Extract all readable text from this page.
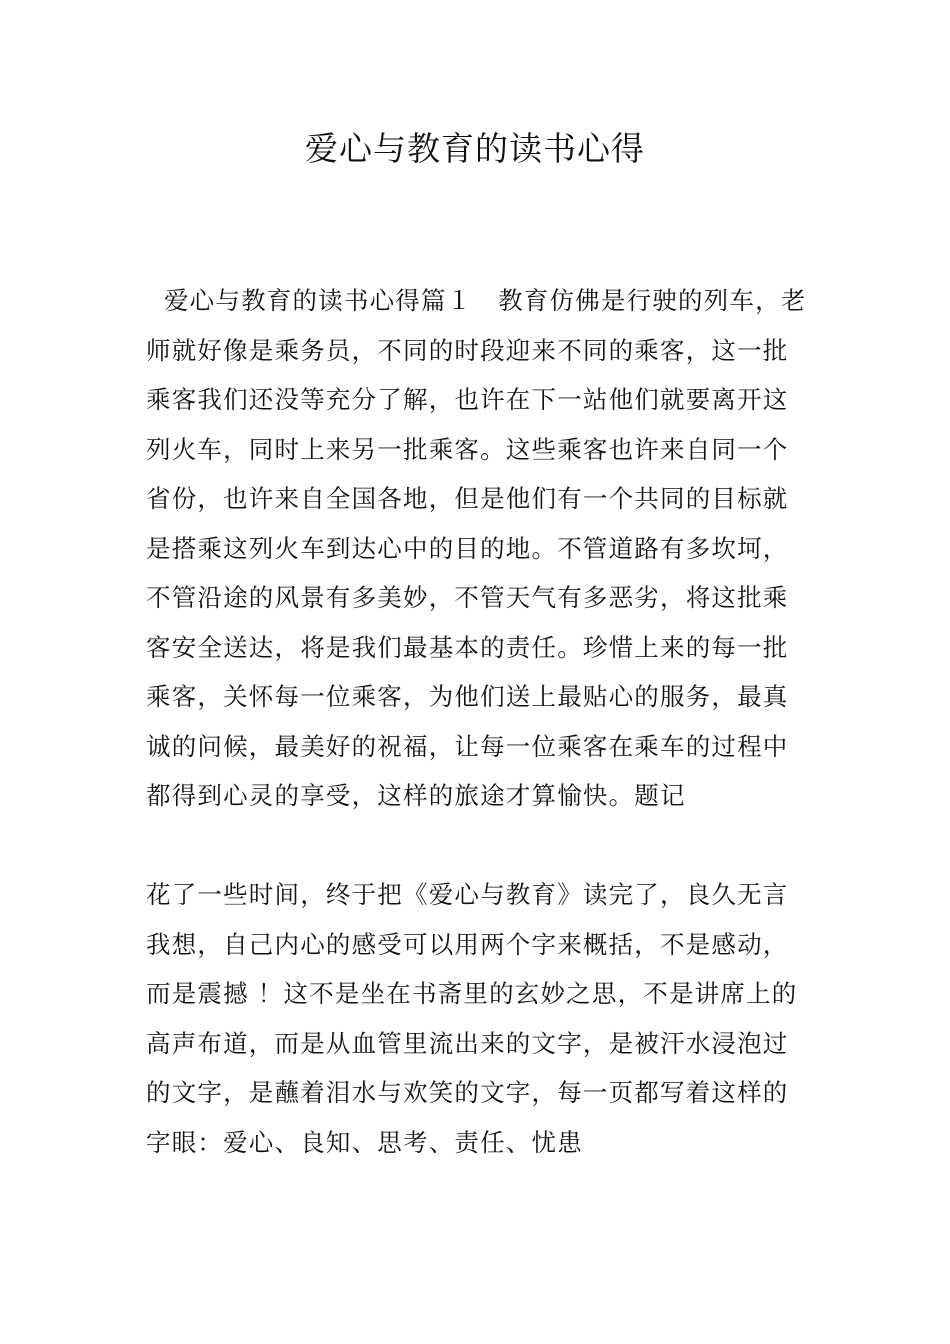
爱心与教育的读书心得

爱心与教育的读书心得篇１　教育仿佛是行驶的列车，老师就好像是乘务员，不同的时段迎来不同的乘客，这一批乘客我们还没等充分了解，也许在下一站他们就要离开这列火车，同时上来另一批乘客。这些乘客也许来自同一个省份，也许来自全国各地，但是他们有一个共同的目标就是搭乘这列火车到达心中的目的地。不管道路有多坎坷，不管沿途的风景有多美妙，不管天气有多恶劣，将这批乘客安全送达，将是我们最基本的责任。珍惜上来的每一批乘客，关怀每一位乘客，为他们送上最贴心的服务，最真诚的问候，最美好的祝福，让每一位乘客在乘车的过程中都得到心灵的享受，这样的旅途才算愉快。题记

花了一些时间，终于把《爱心与教育》读完了，良久无言我想，自己内心的感受可以用两个字来概括，不是感动，而是震撼 ！这不是坐在书斋里的玄妙之思，不是讲席上的高声布道，而是从血管里流出来的文字，是被汗水浸泡过的文字，是蘸着泪水与欢笑的文字，每一页都写着这样的字眼：爱心、良知、思考、责任、忧患
